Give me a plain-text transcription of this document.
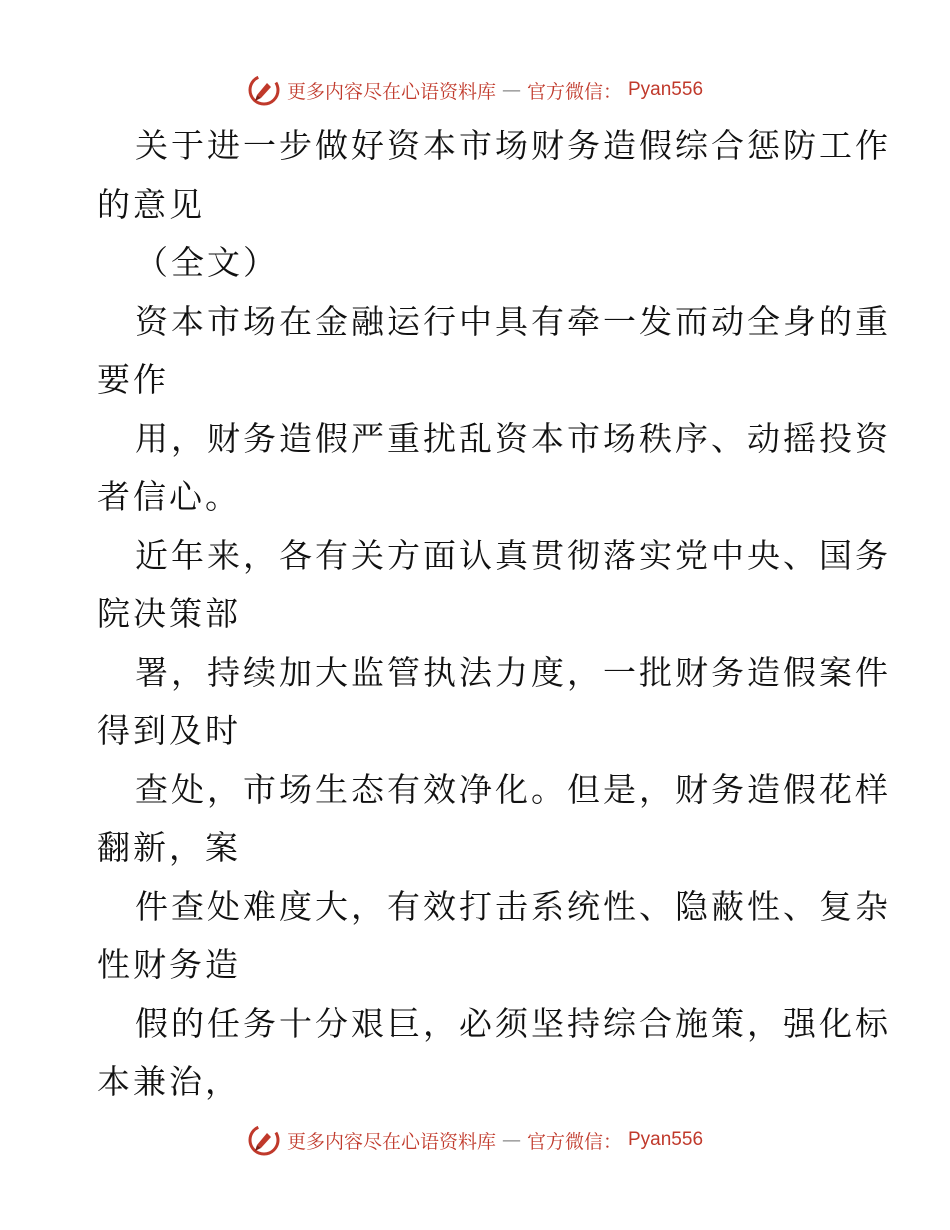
更多内容尽在心语资料库 — 官方微信： Pyan556
关于进一步做好资本市场财务造假综合惩防工作
的意见
（全文）
资本市场在金融运行中具有牵一发而动全身的重
要作
用，财务造假严重扰乱资本市场秩序、动摇投资
者信心。
近年来，各有关方面认真贯彻落实党中央、国务
院决策部
署，持续加大监管执法力度，一批财务造假案件
得到及时
查处，市场生态有效净化。但是，财务造假花样
翻新，案
件查处难度大，有效打击系统性、隐蔽性、复杂
性财务造
假的任务十分艰巨，必须坚持综合施策，强化标
本兼治，
更多内容尽在心语资料库 — 官方微信： Pyan556
